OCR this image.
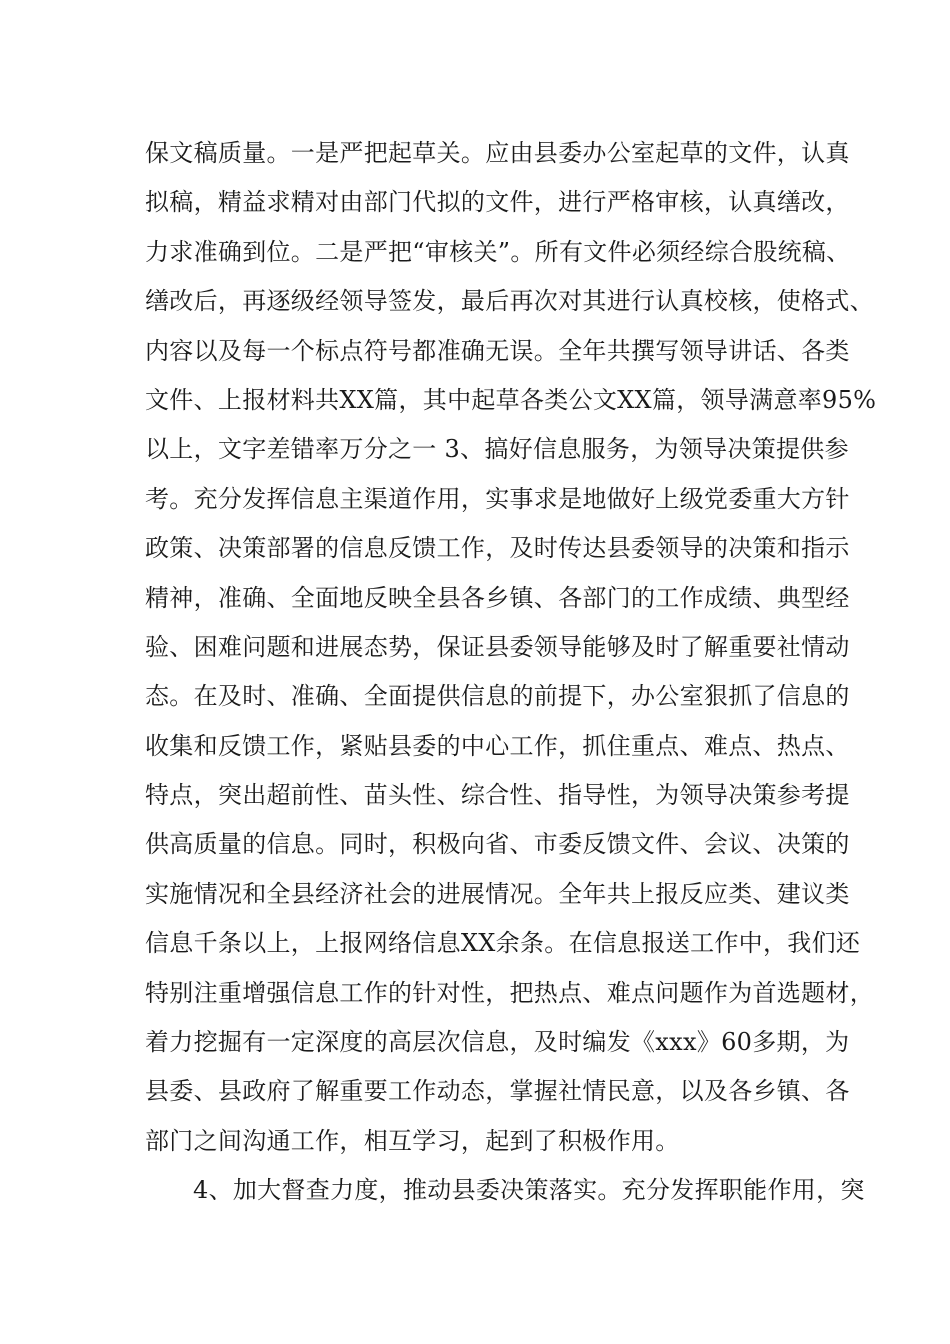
保文稿质量。一是严把起草关。应由县委办公室起草的文件，认真
拟稿，精益求精对由部门代拟的文件，进行严格审核，认真缮改，
力求准确到位。二是严把“审核关”。所有文件必须经综合股统稿、
缮改后，再逐级经领导签发，最后再次对其进行认真校核，使格式、
内容以及每一个标点符号都准确无误。全年共撰写领导讲话、各类
文件、上报材料共XX篇，其中起草各类公文XX篇，领导满意率95%
以上，文字差错率万分之一 3、搞好信息服务，为领导决策提供参
考。充分发挥信息主渠道作用，实事求是地做好上级党委重大方针
政策、决策部署的信息反馈工作，及时传达县委领导的决策和指示
精神，准确、全面地反映全县各乡镇、各部门的工作成绩、典型经
验、困难问题和进展态势，保证县委领导能够及时了解重要社情动
态。在及时、准确、全面提供信息的前提下，办公室狠抓了信息的
收集和反馈工作，紧贴县委的中心工作，抓住重点、难点、热点、
特点，突出超前性、苗头性、综合性、指导性，为领导决策参考提
供高质量的信息。同时，积极向省、市委反馈文件、会议、决策的
实施情况和全县经济社会的进展情况。全年共上报反应类、建议类
信息千条以上，上报网络信息XX余条。在信息报送工作中，我们还
特别注重增强信息工作的针对性，把热点、难点问题作为首选题材，
着力挖掘有一定深度的高层次信息，及时编发《xxx》60多期，为
县委、县政府了解重要工作动态，掌握社情民意，以及各乡镇、各
部门之间沟通工作，相互学习，起到了积极作用。
4、加大督查力度，推动县委决策落实。充分发挥职能作用，突
